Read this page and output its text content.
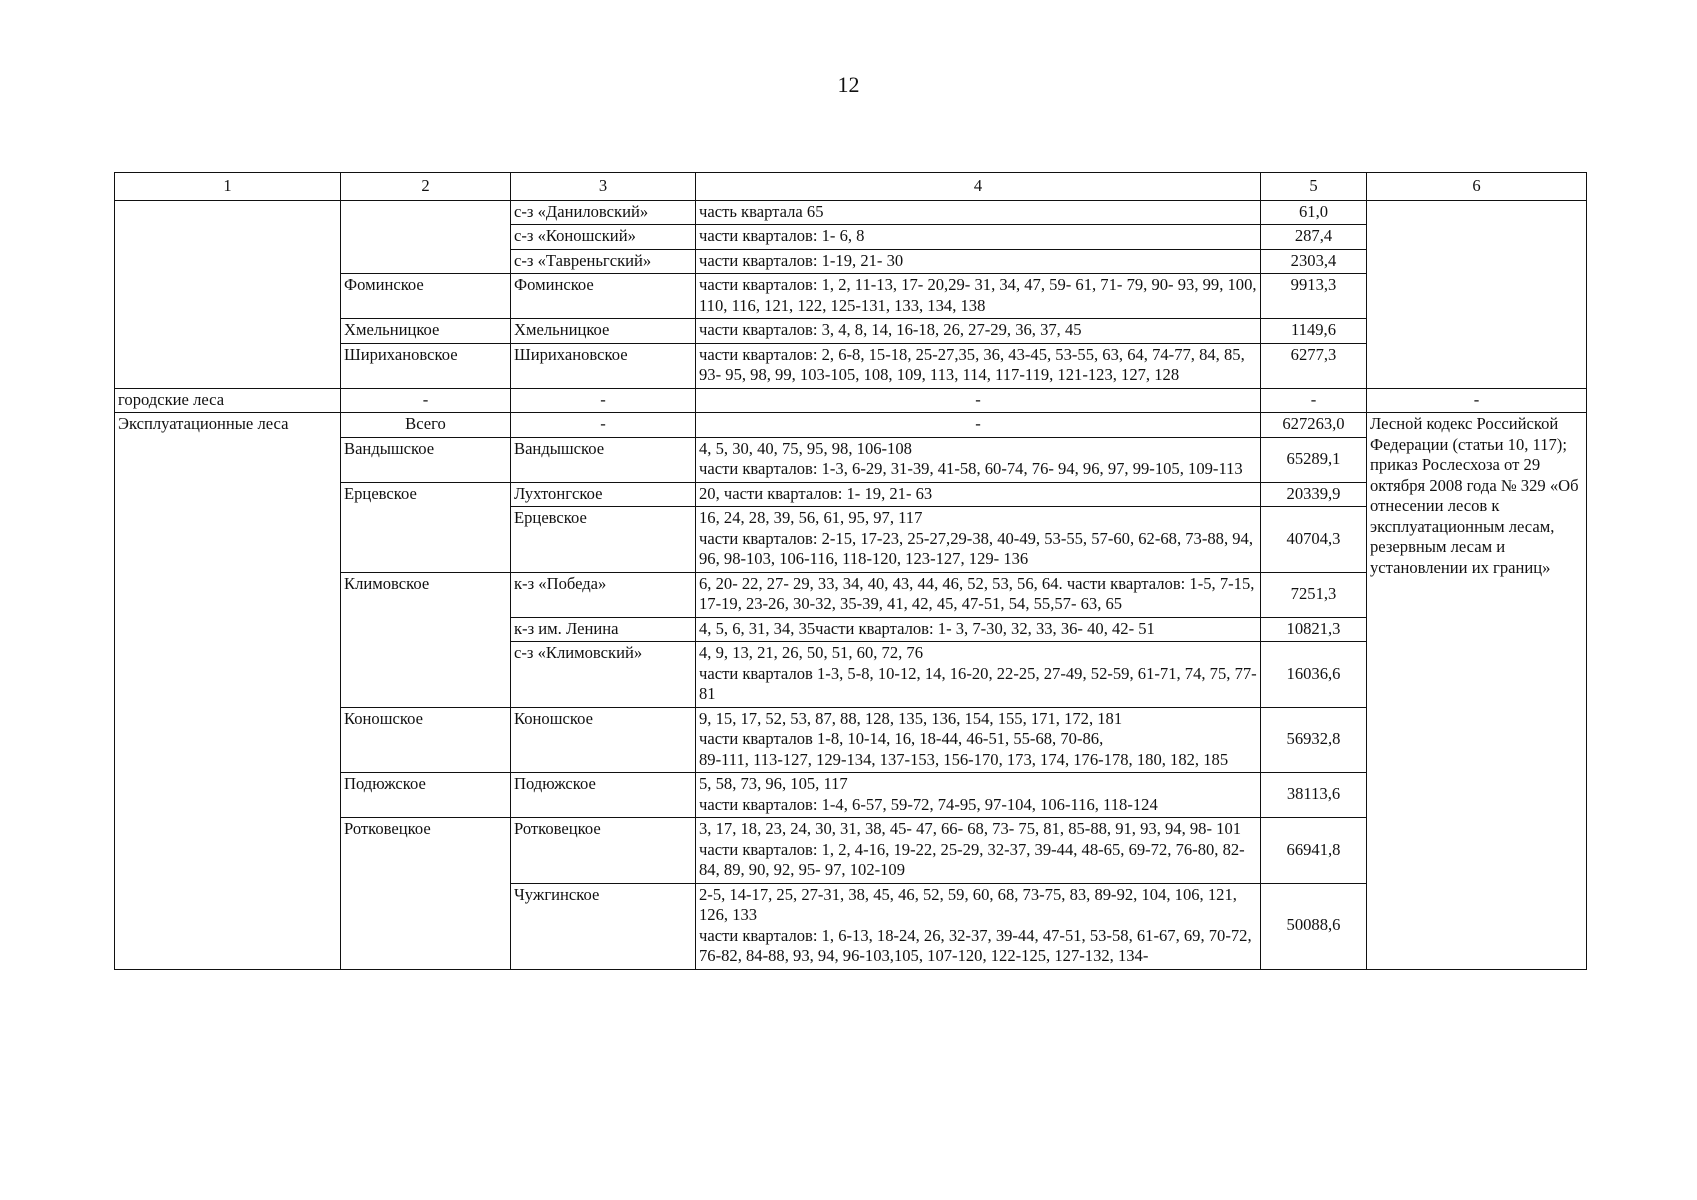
12
1	2	3	4	5	6
		с-з «Даниловский»	часть квартала 65	61,0	
		с-з «Коношский»	части кварталов: 1- 6, 8	287,4	
		с-з «Тавреньгский»	части кварталов: 1-19, 21- 30	2303,4	
	Фоминское	Фоминское	части кварталов: 1, 2, 11-13, 17- 20,29- 31, 34, 47, 59- 61, 71- 79, 90- 93, 99, 100, 110, 116, 121, 122, 125-131, 133, 134, 138	9913,3	
	Хмельницкое	Хмельницкое	части кварталов: 3, 4, 8, 14, 16-18, 26, 27-29, 36, 37, 45	1149,6	
	Ширихановское	Ширихановское	части кварталов: 2, 6-8, 15-18, 25-27,35, 36, 43-45, 53-55, 63, 64, 74-77, 84, 85, 93- 95, 98, 99, 103-105, 108, 109, 113, 114, 117-119, 121-123, 127, 128	6277,3	
городские леса	-	-	-	-	-
Эксплуатационные леса	Всего	-	-	627263,0	Лесной кодекс Российской Федерации (статьи 10, 117);
приказ Рослесхоза от 29 октября 2008 года № 329 «Об отнесении лесов к эксплуатационным лесам, резервным лесам и установлении их границ»
	Вандышское	Вандышское	4, 5, 30, 40, 75, 95, 98, 106-108
части кварталов: 1-3, 6-29, 31-39, 41-58, 60-74, 76- 94, 96, 97, 99-105, 109-113	65289,1	
	Ерцевское	Лухтонгское	20, части кварталов: 1- 19, 21- 63	20339,9	
		Ерцевское	16, 24, 28, 39, 56, 61, 95, 97, 117
части кварталов: 2-15, 17-23, 25-27,29-38, 40-49, 53-55, 57-60, 62-68, 73-88, 94, 96, 98-103, 106-116, 118-120, 123-127, 129- 136	40704,3	
	Климовское	к-з «Победа»	6, 20- 22, 27- 29, 33, 34, 40, 43, 44, 46, 52, 53, 56, 64. части кварталов: 1-5, 7-15, 17-19, 23-26, 30-32, 35-39, 41, 42, 45, 47-51, 54, 55,57- 63, 65	7251,3	
		к-з им. Ленина	4, 5, 6, 31, 34, 35части кварталов: 1- 3, 7-30, 32, 33, 36- 40, 42- 51	10821,3	
		с-з «Климовский»	4, 9, 13, 21, 26, 50, 51, 60, 72, 76
части кварталов 1-3, 5-8, 10-12, 14, 16-20, 22-25, 27-49, 52-59, 61-71, 74, 75, 77-81	16036,6	
	Коношское	Коношское	9, 15, 17, 52, 53, 87, 88, 128, 135, 136, 154, 155, 171, 172, 181
части кварталов 1-8, 10-14, 16, 18-44, 46-51, 55-68, 70-86,
89-111, 113-127, 129-134, 137-153, 156-170, 173, 174, 176-178, 180, 182, 185	56932,8	
	Подюжское	Подюжское	5, 58, 73, 96, 105, 117
части кварталов: 1-4, 6-57, 59-72, 74-95, 97-104, 106-116, 118-124	38113,6	
	Ротковецкое	Ротковецкое	3, 17, 18, 23, 24, 30, 31, 38, 45- 47, 66- 68, 73- 75, 81, 85-88, 91, 93, 94, 98- 101
части кварталов: 1, 2, 4-16, 19-22, 25-29, 32-37, 39-44, 48-65, 69-72, 76-80, 82-84, 89, 90, 92, 95- 97, 102-109	66941,8	
		Чужгинское	2-5, 14-17, 25, 27-31, 38, 45, 46, 52, 59, 60, 68, 73-75, 83, 89-92, 104, 106, 121, 126, 133
части кварталов: 1, 6-13, 18-24, 26, 32-37, 39-44, 47-51, 53-58, 61-67, 69, 70-72, 76-82, 84-88, 93, 94, 96-103,105, 107-120, 122-125, 127-132, 134-	50088,6	
